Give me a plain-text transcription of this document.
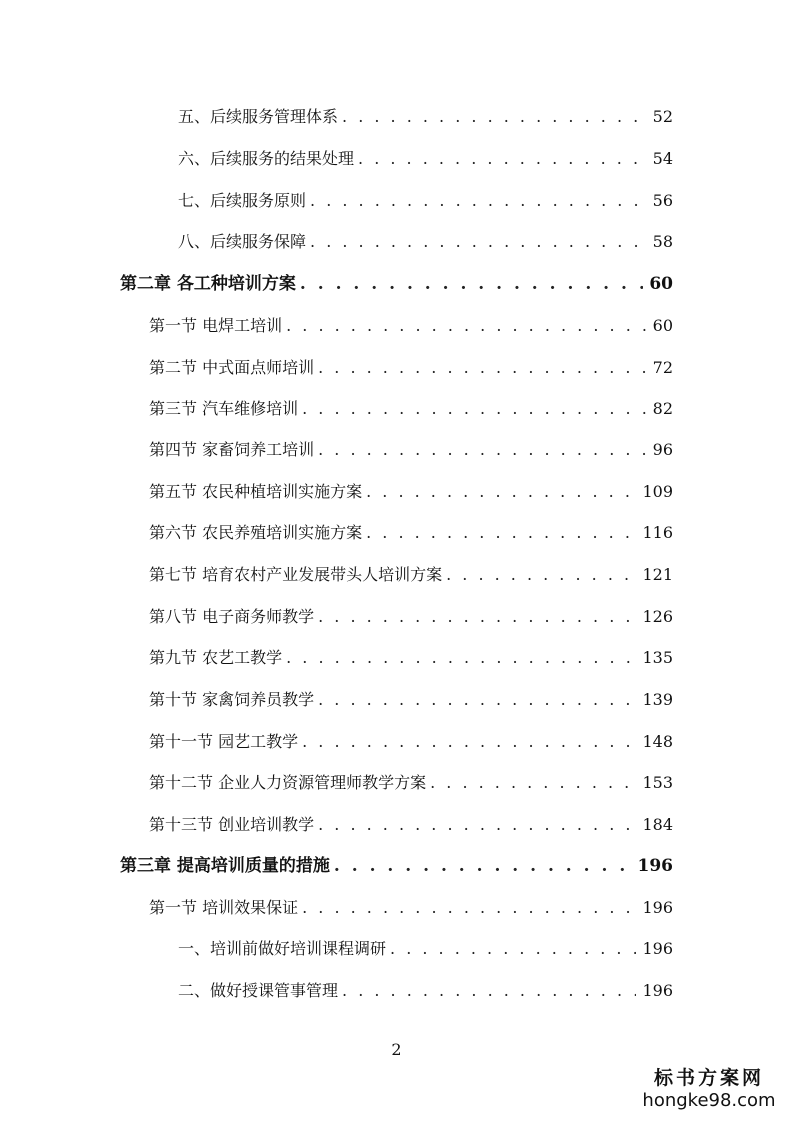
五、后续服务管理体系 . . .	52
六、后续服务的结果处理 . . .	54
七、后续服务原则 . . .	56
八、后续服务保障 . . .	58
第二章 各工种培训方案 . . .	60
第一节 电焊工培训 . . .	60
第二节 中式面点师培训 . . .	72
第三节 汽车维修培训 . . .	82
第四节 家畜饲养工培训 . . .	96
第五节 农民种植培训实施方案 . . .	109
第六节 农民养殖培训实施方案 . . .	116
第七节 培育农村产业发展带头人培训方案 . . .	121
第八节 电子商务师教学 . . .	126
第九节 农艺工教学 . . .	135
第十节 家禽饲养员教学 . . .	139
第十一节 园艺工教学 . . .	148
第十二节 企业人力资源管理师教学方案 . . .	153
第十三节 创业培训教学 . . .	184
第三章 提高培训质量的措施 . . .	196
第一节 培训效果保证 . . .	196
一、培训前做好培训课程调研 . . .	196
二、做好授课管事管理 . . .	196
2
标书方案网
hongke98.com
